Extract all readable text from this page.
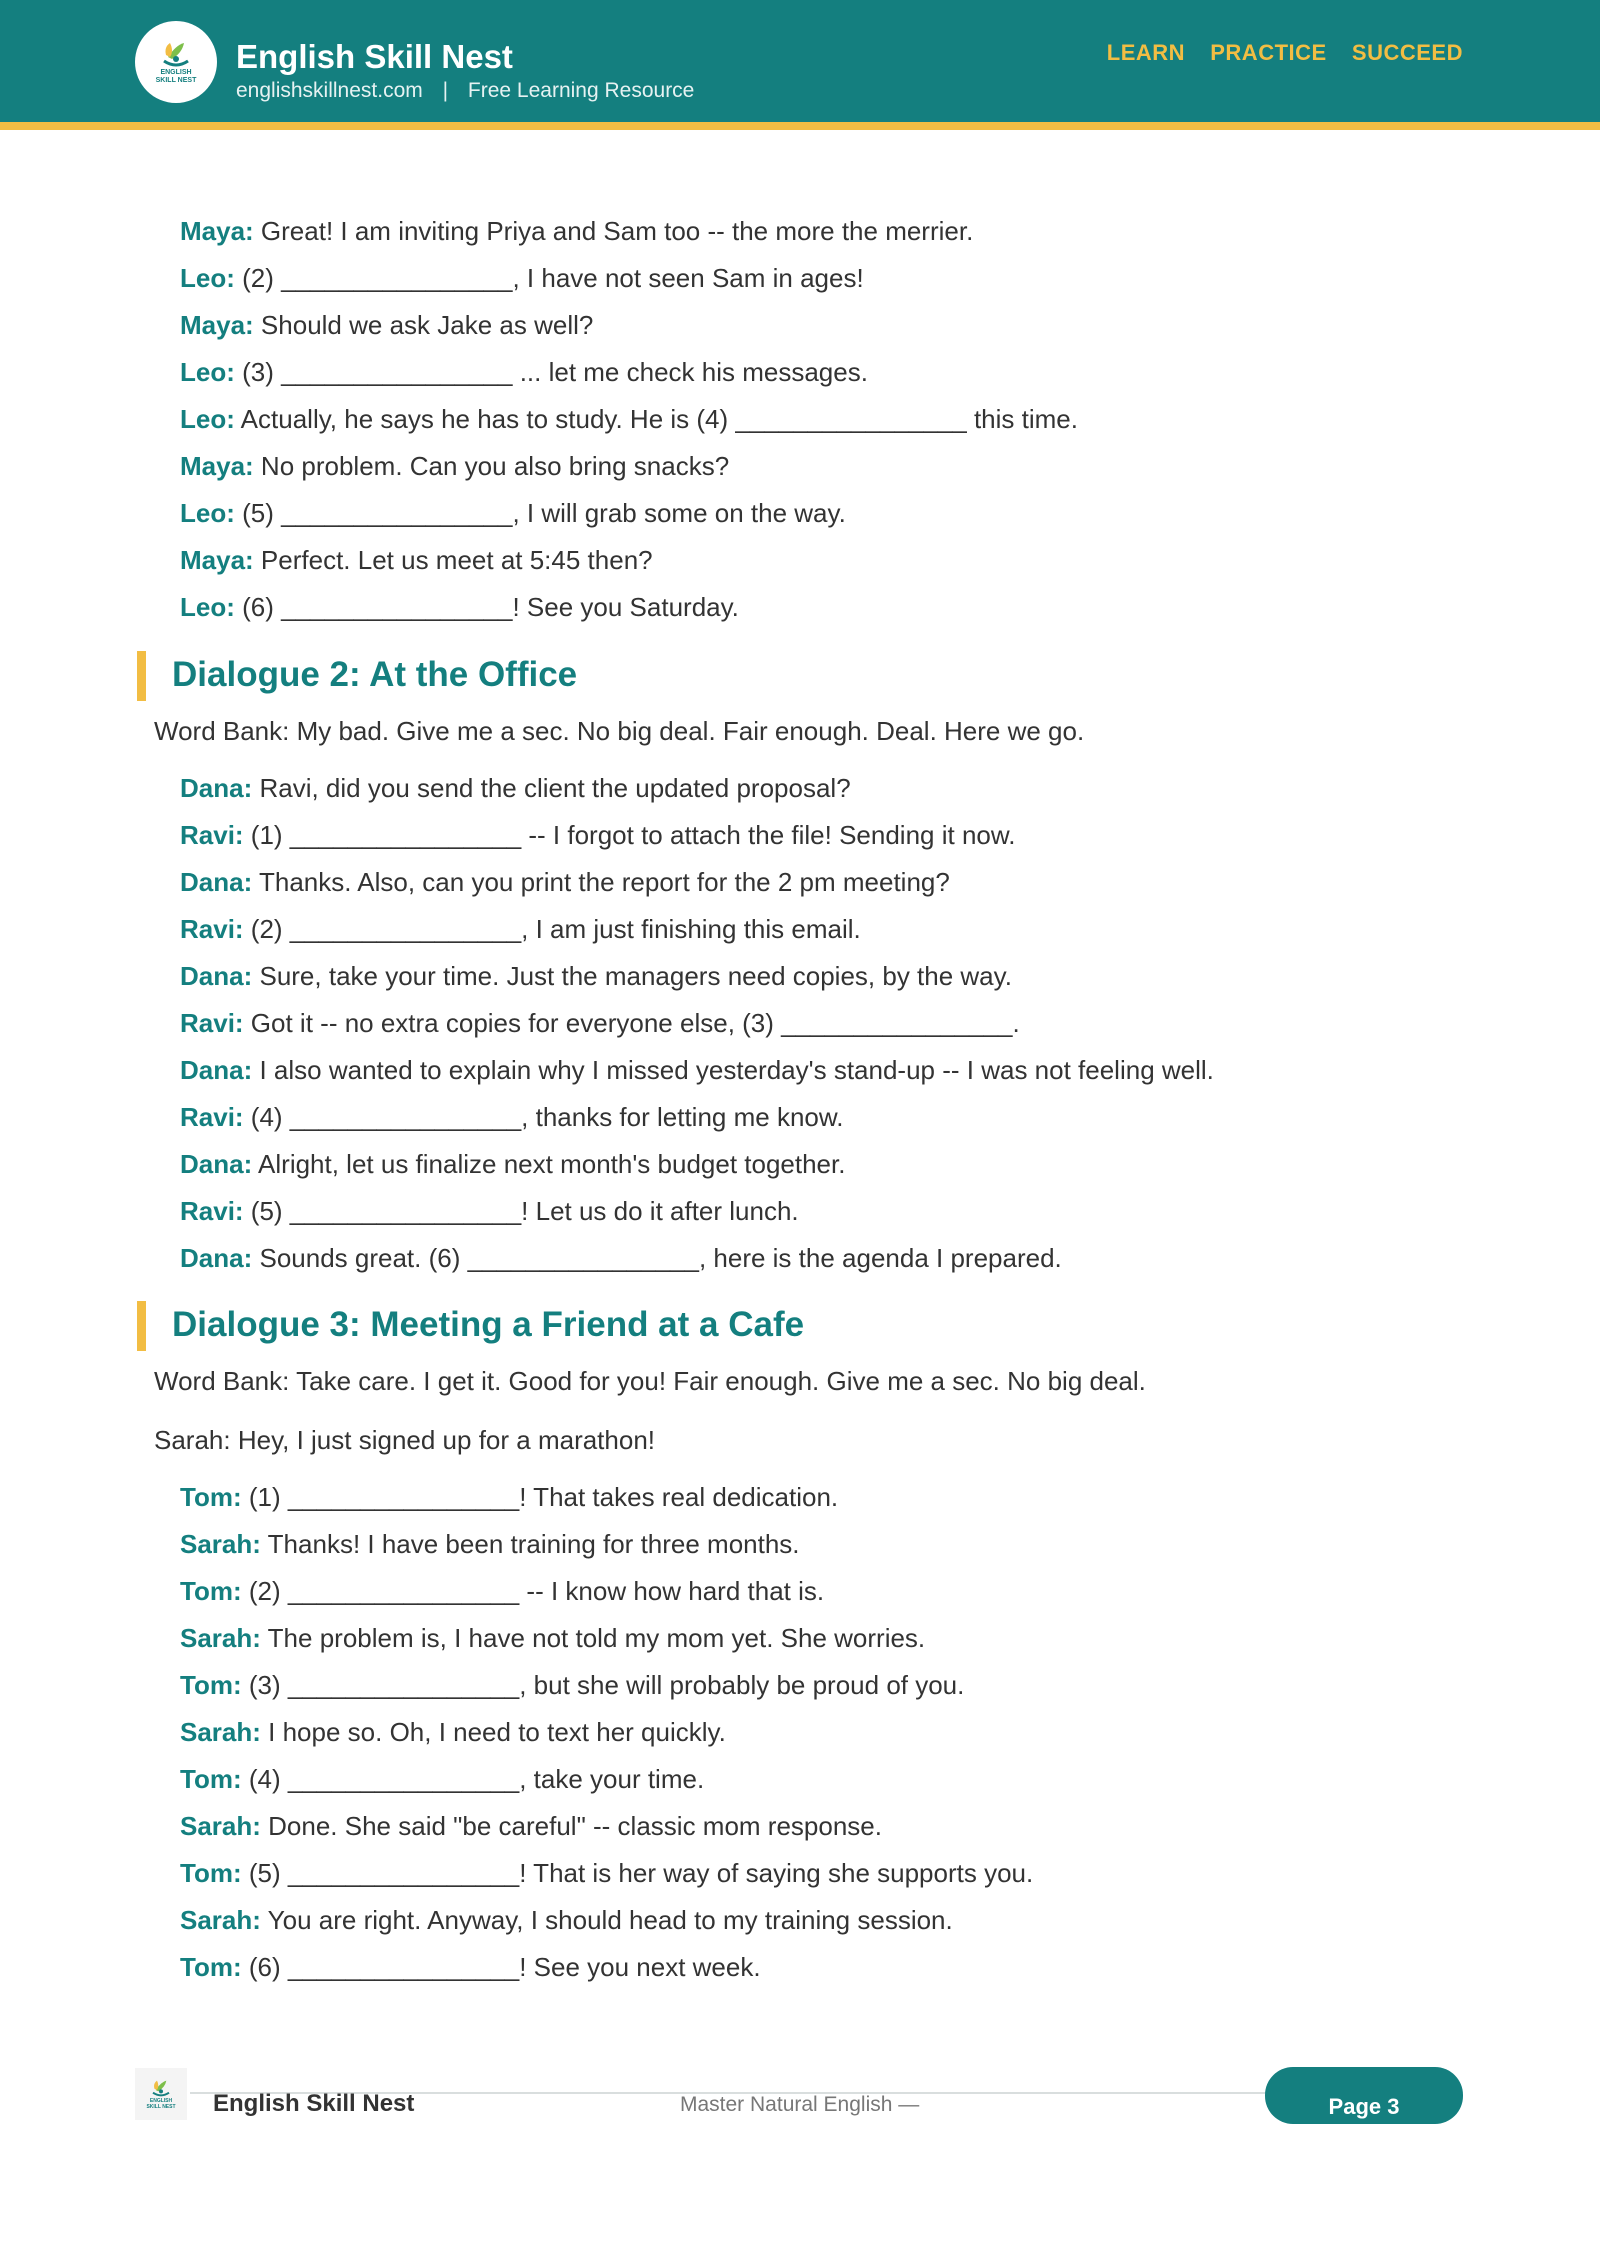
ENGLISH
SKILL NEST
English Skill Nest
englishskillnest.com | Free Learning Resource
LEARN  PRACTICE  SUCCEED
Maya: Great! I am inviting Priya and Sam too -- the more the merrier.
Leo: (2) ________________, I have not seen Sam in ages!
Maya: Should we ask Jake as well?
Leo: (3) ________________ ... let me check his messages.
Leo: Actually, he says he has to study. He is (4) ________________ this time.
Maya: No problem. Can you also bring snacks?
Leo: (5) ________________, I will grab some on the way.
Maya: Perfect. Let us meet at 5:45 then?
Leo: (6) ________________! See you Saturday.
Dialogue 2: At the Office
Word Bank: My bad. Give me a sec. No big deal. Fair enough. Deal. Here we go.
Dana: Ravi, did you send the client the updated proposal?
Ravi: (1) ________________ -- I forgot to attach the file! Sending it now.
Dana: Thanks. Also, can you print the report for the 2 pm meeting?
Ravi: (2) ________________, I am just finishing this email.
Dana: Sure, take your time. Just the managers need copies, by the way.
Ravi: Got it -- no extra copies for everyone else, (3) ________________.
Dana: I also wanted to explain why I missed yesterday's stand-up -- I was not feeling well.
Ravi: (4) ________________, thanks for letting me know.
Dana: Alright, let us finalize next month's budget together.
Ravi: (5) ________________! Let us do it after lunch.
Dana: Sounds great. (6) ________________, here is the agenda I prepared.
Dialogue 3: Meeting a Friend at a Cafe
Word Bank: Take care. I get it. Good for you! Fair enough. Give me a sec. No big deal.
Sarah: Hey, I just signed up for a marathon!
Tom: (1) ________________! That takes real dedication.
Sarah: Thanks! I have been training for three months.
Tom: (2) ________________ -- I know how hard that is.
Sarah: The problem is, I have not told my mom yet. She worries.
Tom: (3) ________________, but she will probably be proud of you.
Sarah: I hope so. Oh, I need to text her quickly.
Tom: (4) ________________, take your time.
Sarah: Done. She said "be careful" -- classic mom response.
Tom: (5) ________________! That is her way of saying she supports you.
Sarah: You are right. Anyway, I should head to my training session.
Tom: (6) ________________! See you next week.
ENGLISH
SKILL NEST English Skill Nest	Master Natural English —	Page 3
